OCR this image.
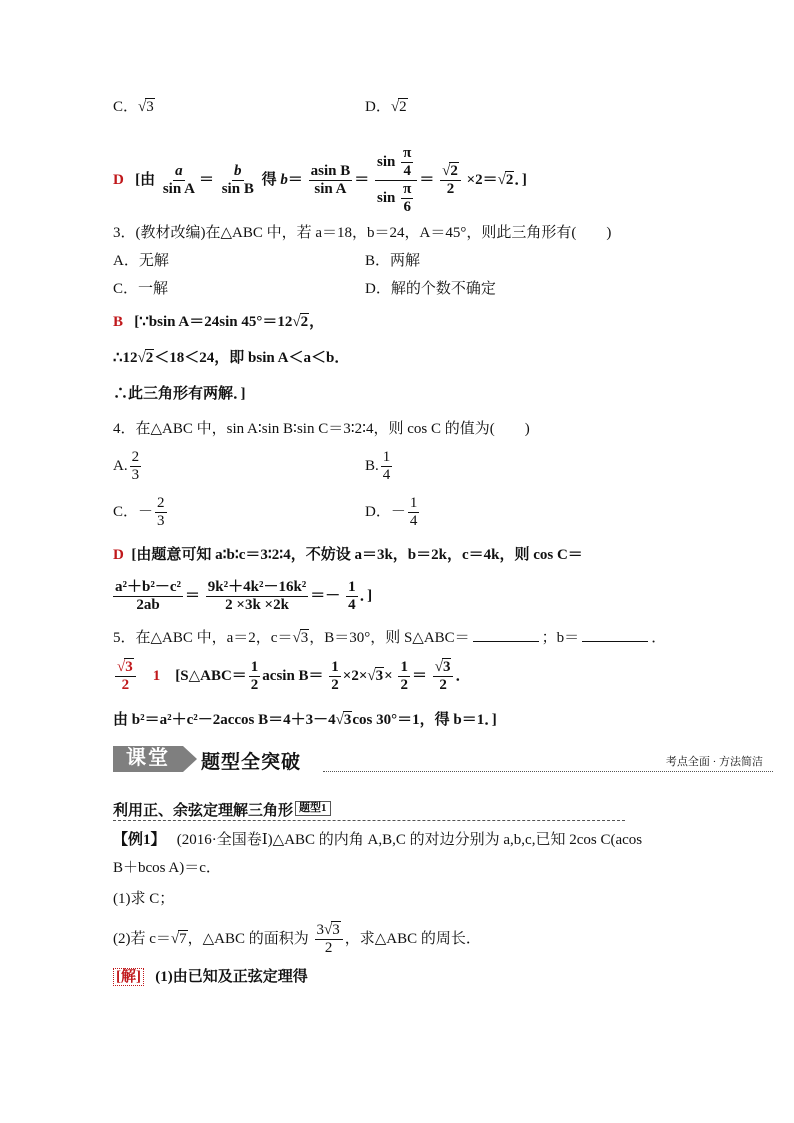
C．√3	D．√2
D [由 $\frac{a}{\text{sin A}} = \frac{b}{\text{sin B}}$ 得 $b= \frac{\text{asin B}}{\text{sin A}} = \frac{\sin \frac{\pi}{4}}{\sin \frac{\pi}{6}} = \frac{√2}{2} \times 2=√2$．]
3．(教材改编)在△ABC 中，若 a＝18，b＝24，A＝45°，则此三角形有(　　)
A．无解	B．两解
C．一解	D．解的个数不确定
B [∵bsin A＝24sin 45°＝12√2，
∴12√2＜18＜24，即 bsin A＜a＜b．
∴此三角形有两解．]
4．在△ABC 中，sin A∶sin B∶sin C＝3∶2∶4，则 cos C 的值为(　　)
A. $\frac{2}{3}$	B. $\frac{1}{4}$
C．－ $\frac{2}{3}$	D．－ $\frac{1}{4}$
D [由题意可知 a∶b∶c＝3∶2∶4，不妨设 a＝3k，b＝2k，c＝4k，则 cos C＝
$\frac{\text{a²＋b²－c²}}{2ab} = \frac{\text{9k²＋4k²－16k²}}{2 \times 3k \times 2k} =- \frac{1}{4}$ ．]
5．在△ABC 中，a＝2，c＝√3，B＝30°，则 S△ABC＝	；b＝	．
$\frac{√3}{2} 1$ [S△ABC＝ $\frac{1}{2}$ acsin $B= \frac{1}{2} \times 2\times√3\times \frac{1}{2} = \frac{√3}{2}$ ．
由 b²＝a²＋c²－2accos B＝4＋3－4√3cos 30°＝1，得 b＝1．]
课堂
KETANG
题型全突破	考点全面 · 方法简洁
利用正、余弦定理解三角形 题型1
【例1】 (2016·全国卷Ⅰ)△ABC 的内角 A,B,C 的对边分别为 a,b,c,已知 2cos C(acos
B＋bcos A)＝c．
(1)求 C；
(2)若 c＝√7，△ABC 的面积为 $\frac{3√3}{2}$ ，求△ABC 的周长．
[解] (1)由已知及正弦定理得
